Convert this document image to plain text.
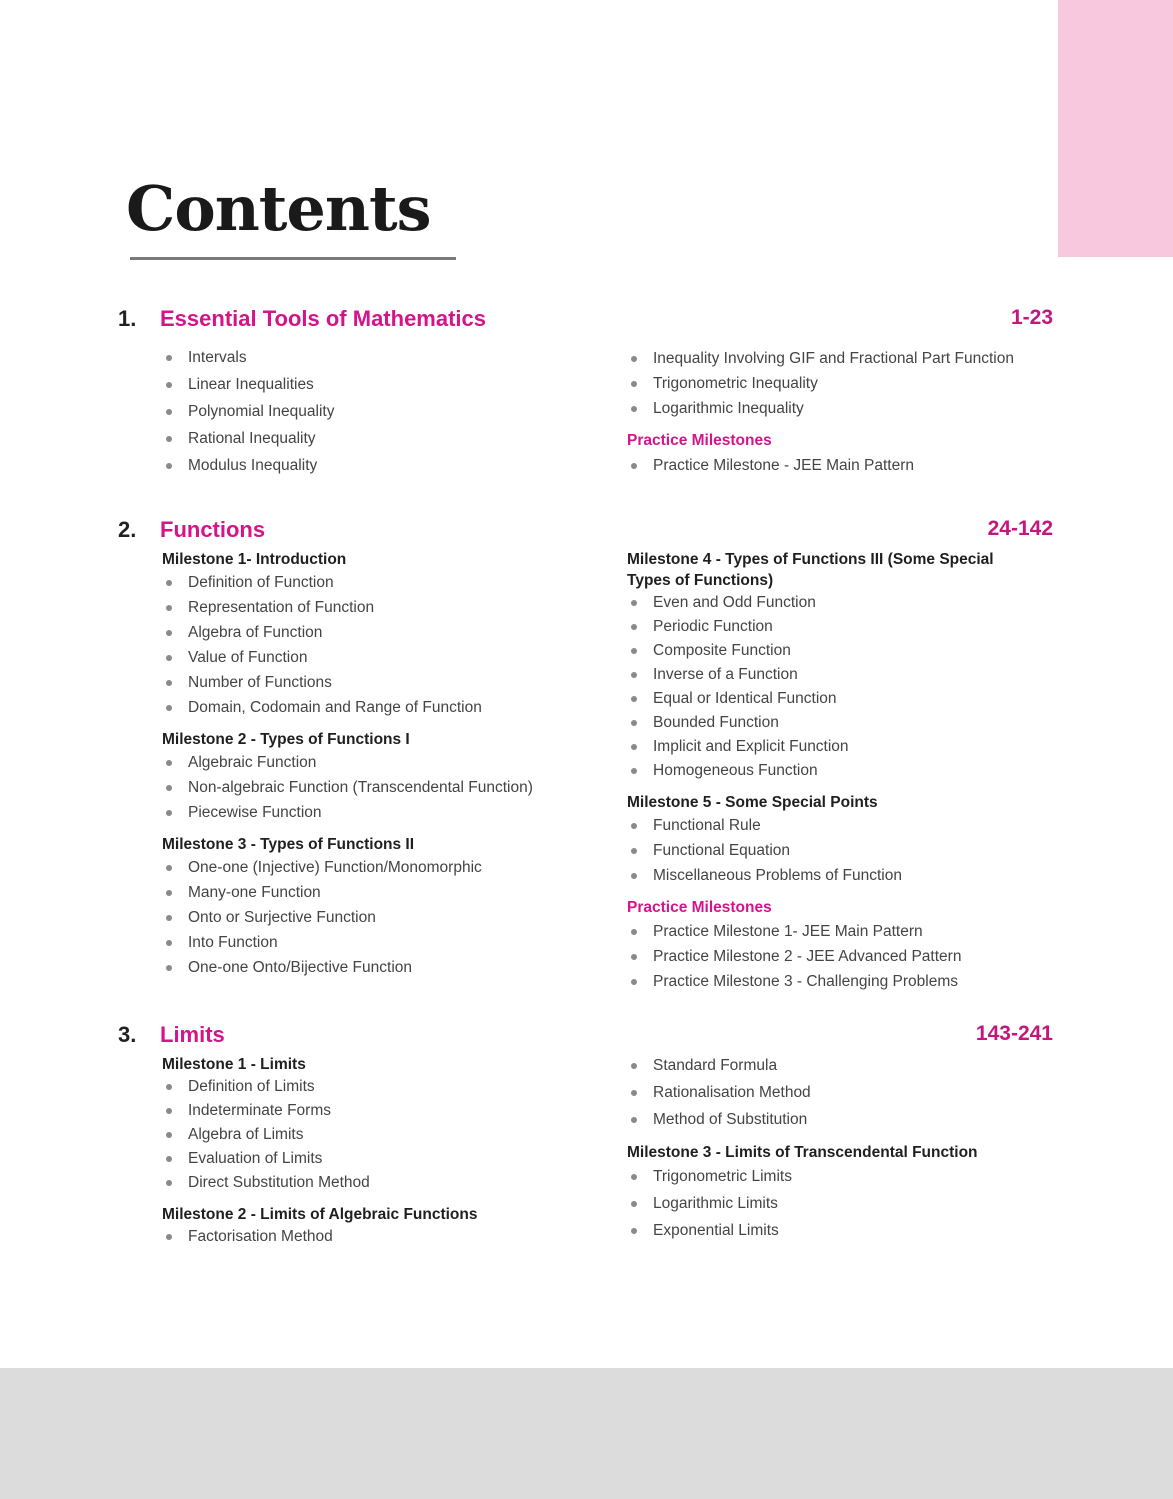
Contents
1. Essential Tools of Mathematics	1-23
Intervals
Linear Inequalities
Polynomial Inequality
Rational Inequality
Modulus Inequality
Inequality Involving GIF and Fractional Part Function
Trigonometric Inequality
Logarithmic Inequality
Practice Milestones
Practice Milestone - JEE Main Pattern
2. Functions	24-142
Milestone 1- Introduction
Definition of Function
Representation of Function
Algebra of Function
Value of Function
Number of Functions
Domain, Codomain and Range of Function
Milestone 2 - Types of Functions I
Algebraic Function
Non-algebraic Function (Transcendental Function)
Piecewise Function
Milestone 3 - Types of Functions II
One-one (Injective) Function/Monomorphic
Many-one Function
Onto or Surjective Function
Into Function
One-one Onto/Bijective Function
Milestone 4 - Types of Functions III (Some Special
Types of Functions)
Even and Odd Function
Periodic Function
Composite Function
Inverse of a Function
Equal or Identical Function
Bounded Function
Implicit and Explicit Function
Homogeneous Function
Milestone 5 - Some Special Points
Functional Rule
Functional Equation
Miscellaneous Problems of Function
Practice Milestones
Practice Milestone 1- JEE Main Pattern
Practice Milestone 2 - JEE Advanced Pattern
Practice Milestone 3 - Challenging Problems
3. Limits	143-241
Milestone 1 - Limits
Definition of Limits
Indeterminate Forms
Algebra of Limits
Evaluation of Limits
Direct Substitution Method
Milestone 2 - Limits of Algebraic Functions
Factorisation Method
Standard Formula
Rationalisation Method
Method of Substitution
Milestone 3 - Limits of Transcendental Function
Trigonometric Limits
Logarithmic Limits
Exponential Limits
